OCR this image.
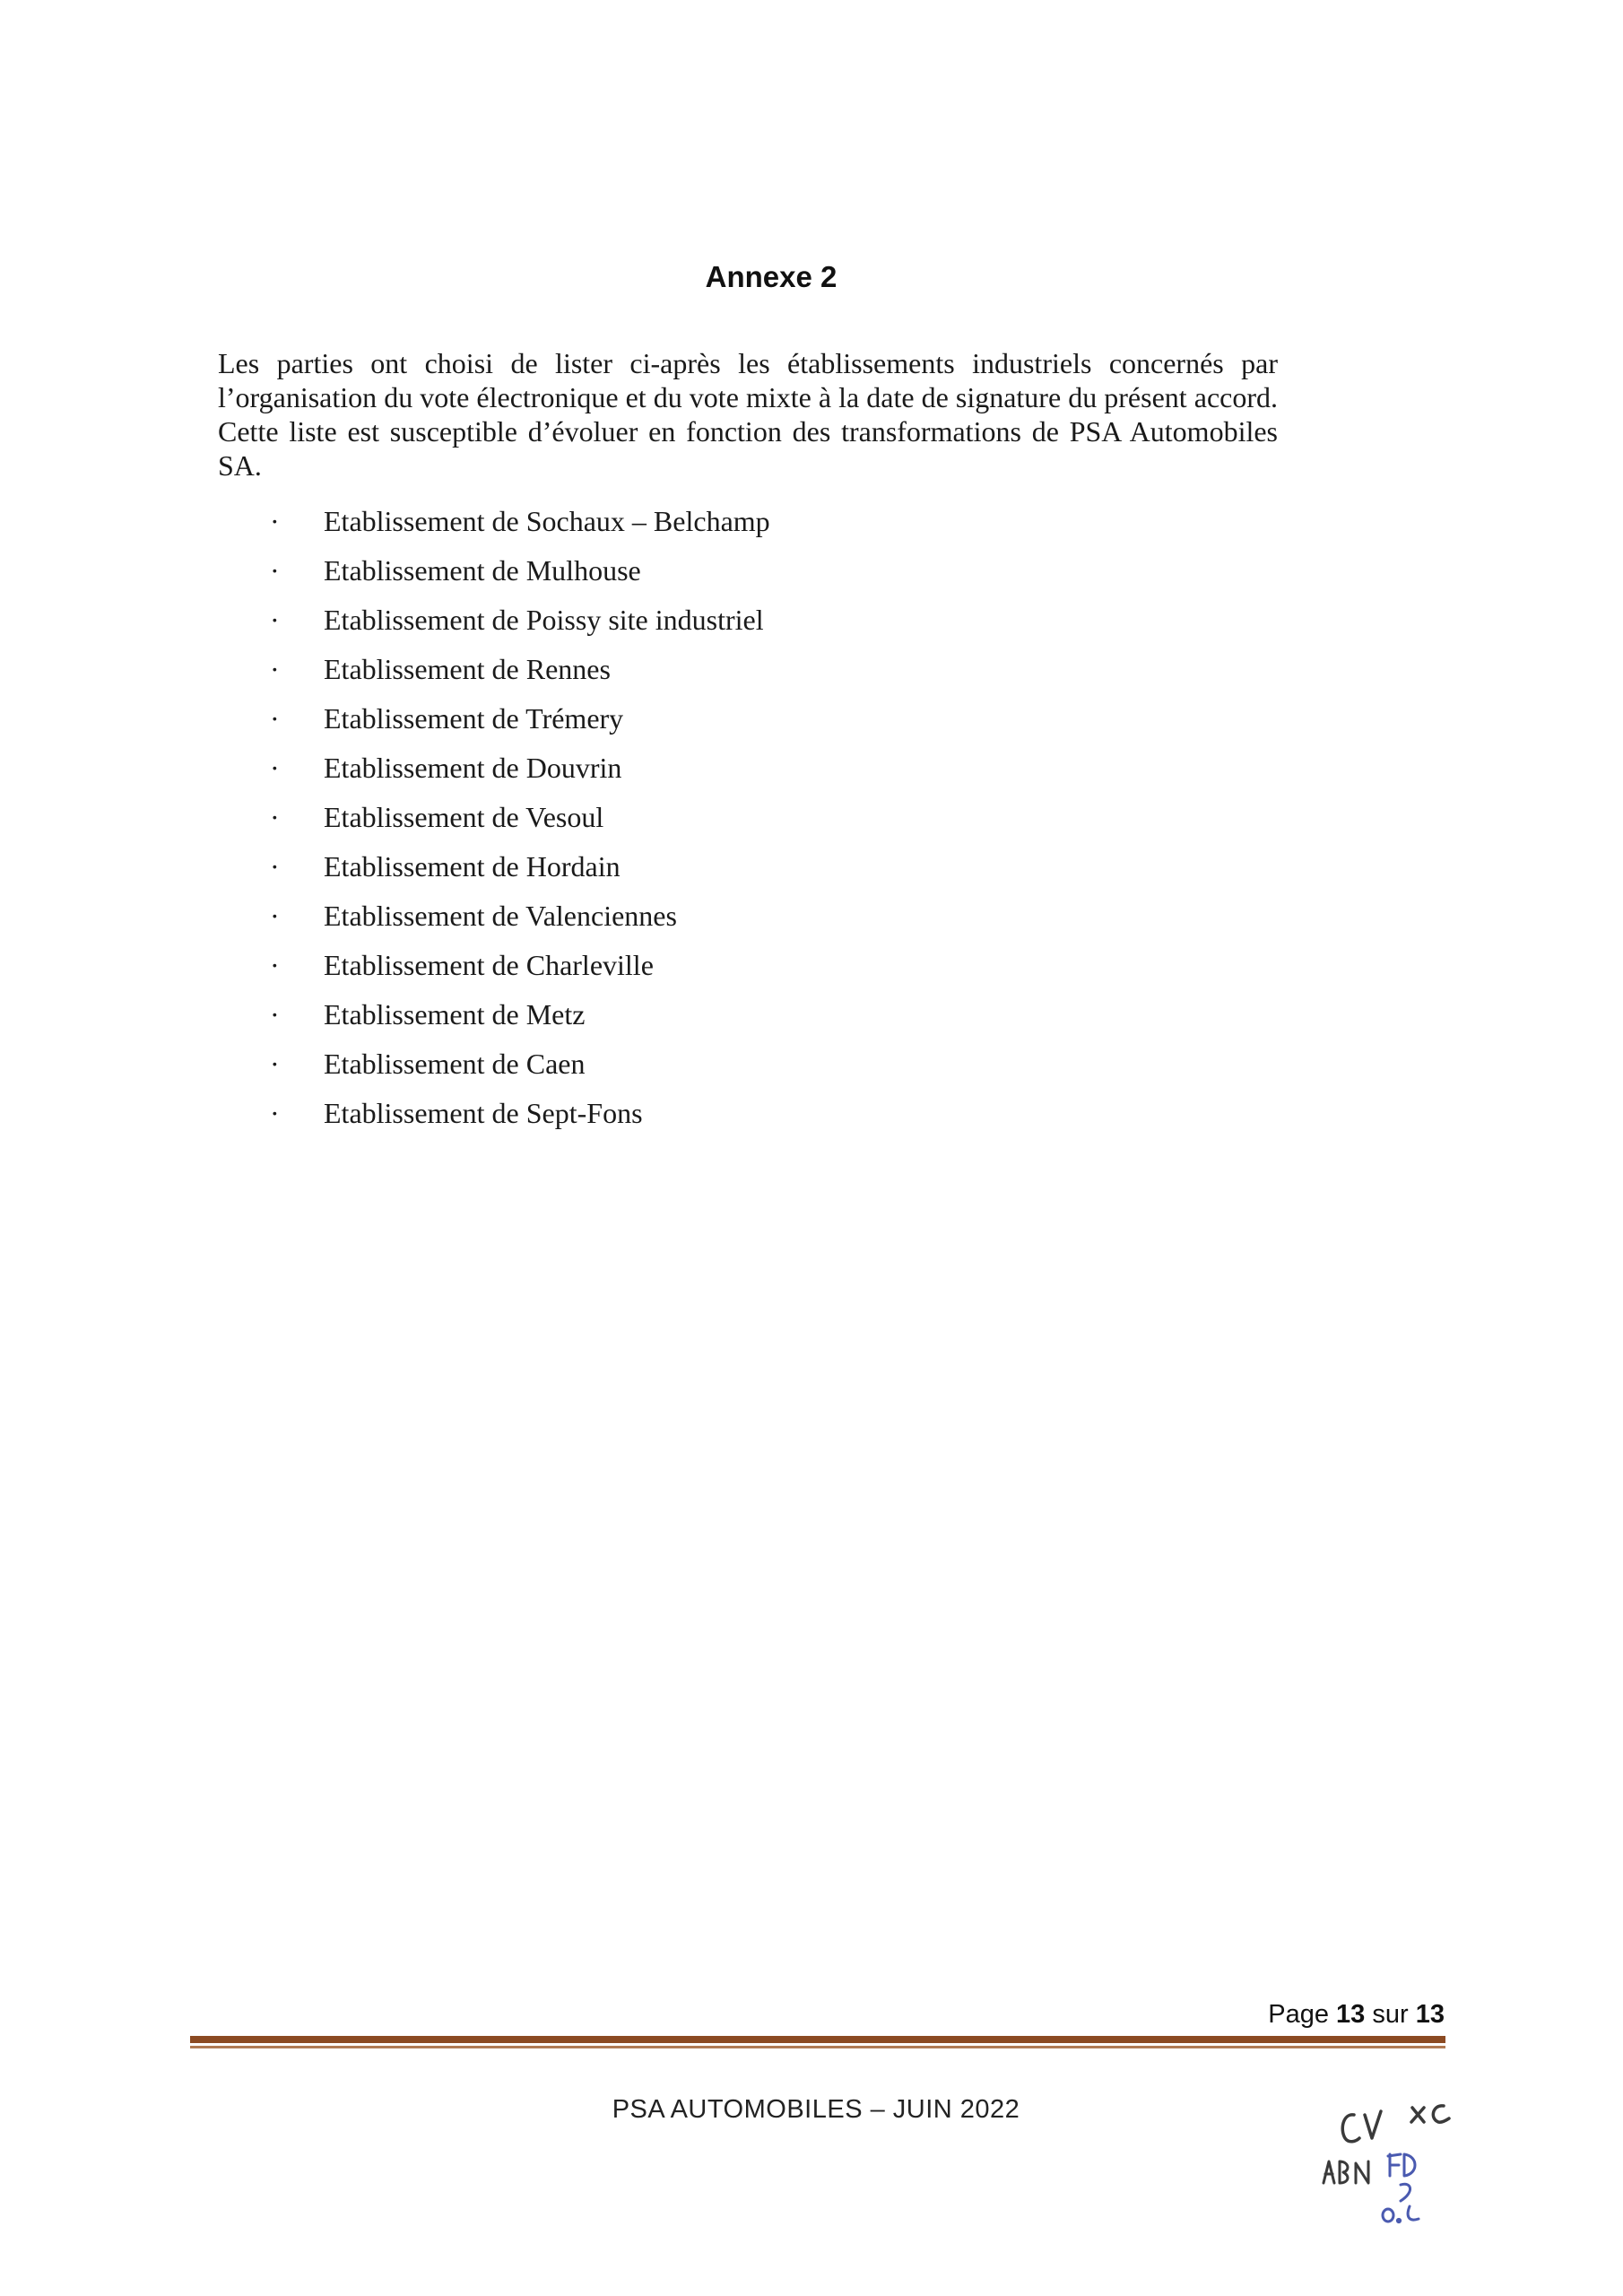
Annexe 2
Les parties ont choisi de lister ci-après les établissements industriels concernés par l’organisation du vote électronique et du vote mixte à la date de signature du présent accord. Cette liste est susceptible d’évoluer en fonction des transformations de PSA Automobiles SA.
· Etablissement de Sochaux – Belchamp
· Etablissement de Mulhouse
· Etablissement de Poissy site industriel
· Etablissement de Rennes
· Etablissement de Trémery
· Etablissement de Douvrin
· Etablissement de Vesoul
· Etablissement de Hordain
· Etablissement de Valenciennes
· Etablissement de Charleville
· Etablissement de Metz
· Etablissement de Caen
· Etablissement de Sept-Fons
Page 13 sur 13
PSA AUTOMOBILES – JUIN 2022
